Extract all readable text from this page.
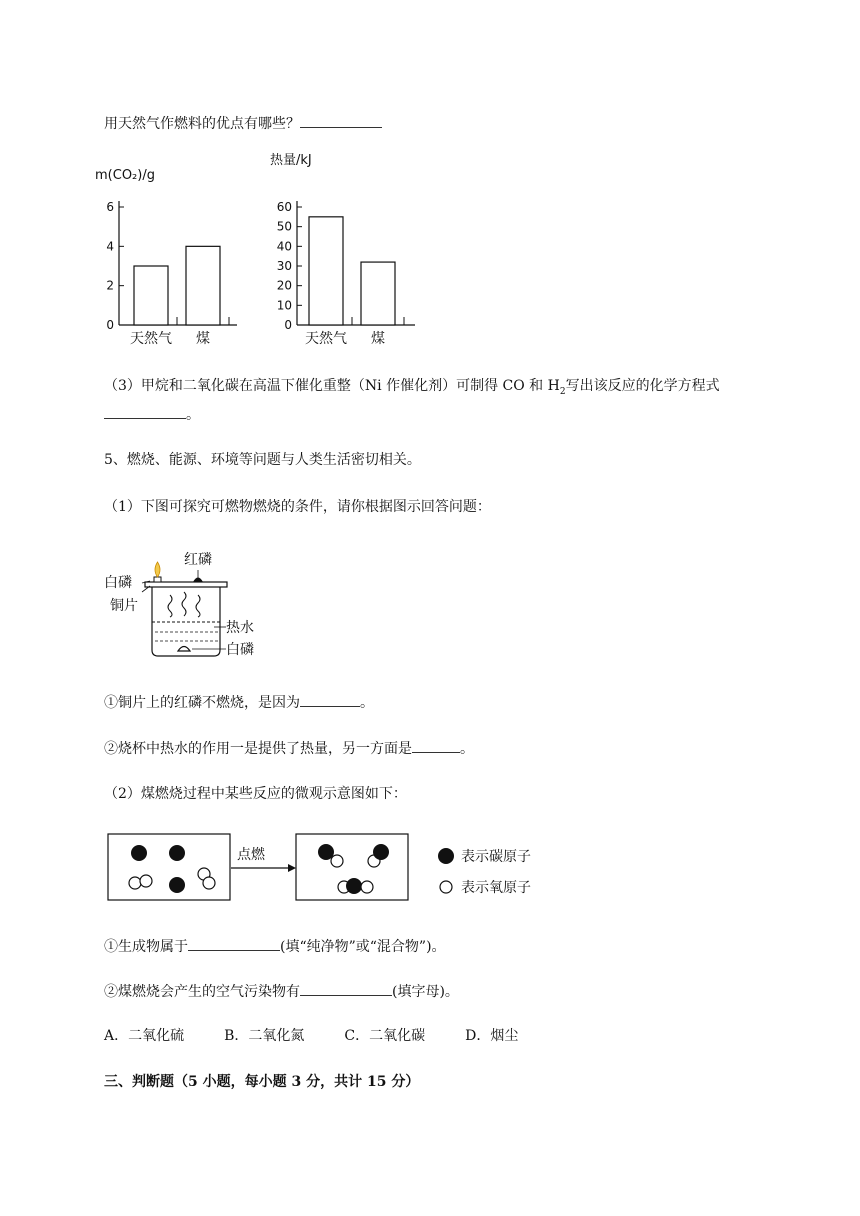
用天然气作燃料的优点有哪些？
m(CO₂)/g
0
2
4
6
天然气 煤
热量/kJ
0
10
20
30
40
50
60
天然气 煤
（3）甲烷和二氧化碳在高温下催化重整（Ni 作催化剂）可制得 CO 和 $H_2$写出该反应的化学方程式
。
5、燃烧、能源、环境等问题与人类生活密切相关。
（1）下图可探究可燃物燃烧的条件，请你根据图示回答问题：
红磷
白磷
铜片
热水
白磷
①铜片上的红磷不燃烧，是因为	。
②烧杯中热水的作用一是提供了热量，另一方面是	。
（2）煤燃烧过程中某些反应的微观示意图如下：
点燃	表示碳原子
表示氧原子
①生成物属于	(填“纯净物”或“混合物”)。
②煤燃烧会产生的空气污染物有	(填字母)。
A．二氧化硫	B．二氧化氮	C．二氧化碳	D．烟尘
三、判断题（5 小题，每小题 3 分，共计 15 分）
